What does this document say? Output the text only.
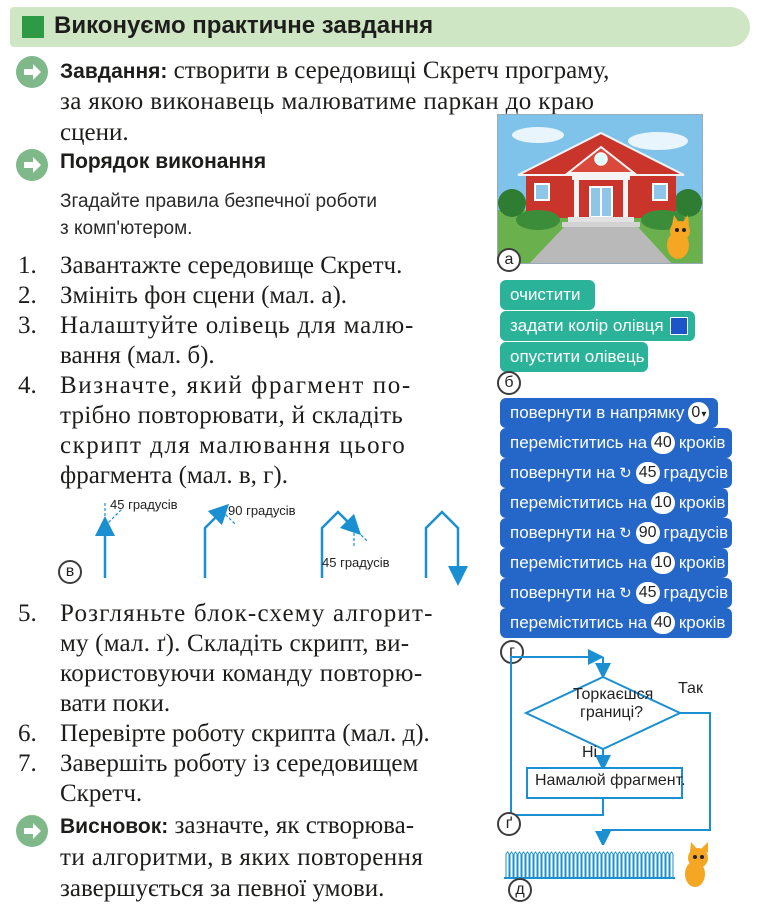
Виконуємо практичне завдання
Завдання: створити в середовищі Скретч програму,
за якою виконавець малюватиме паркан до краю
сцени.
Порядок виконання
Згадайте правила безпечної роботи
з комп'ютером.
1. Завантажте середовище Скретч.
2. Змініть фон сцени (мал. а).
3. Налаштуйте олівець для малю-
вання (мал. б).
4. Визначте, який фрагмент по-
трібно повторювати, й складіть
скрипт для малювання цього
фрагмента (мал. в, г).
45 градусів	90 градусів
45 градусів
в
5. Розгляньте блок-схему алгорит-
му (мал. ґ). Складіть скрипт, ви-
користовуючи команду повторю-
вати поки.
6. Перевірте роботу скрипта (мал. д).
7. Завершіть роботу із середовищем
Скретч.
Висновок: зазначте, як створюва-
ти алгоритми, в яких повторення
завершується за певної умови.
а
очистити
задати колір олівця
опустити олівець
б
повернути в напрямку 0▾
переміститись на 40 кроків
повернути на ↻ 45 градусів
переміститись на 10 кроків
повернути на ↻ 90 градусів
переміститись на 10 кроків
повернути на ↻ 45 градусів
переміститись на 40 кроків
г
Торкаєшся
границі?
Так
Ні
Намалюй фрагмент.
ґ
д
